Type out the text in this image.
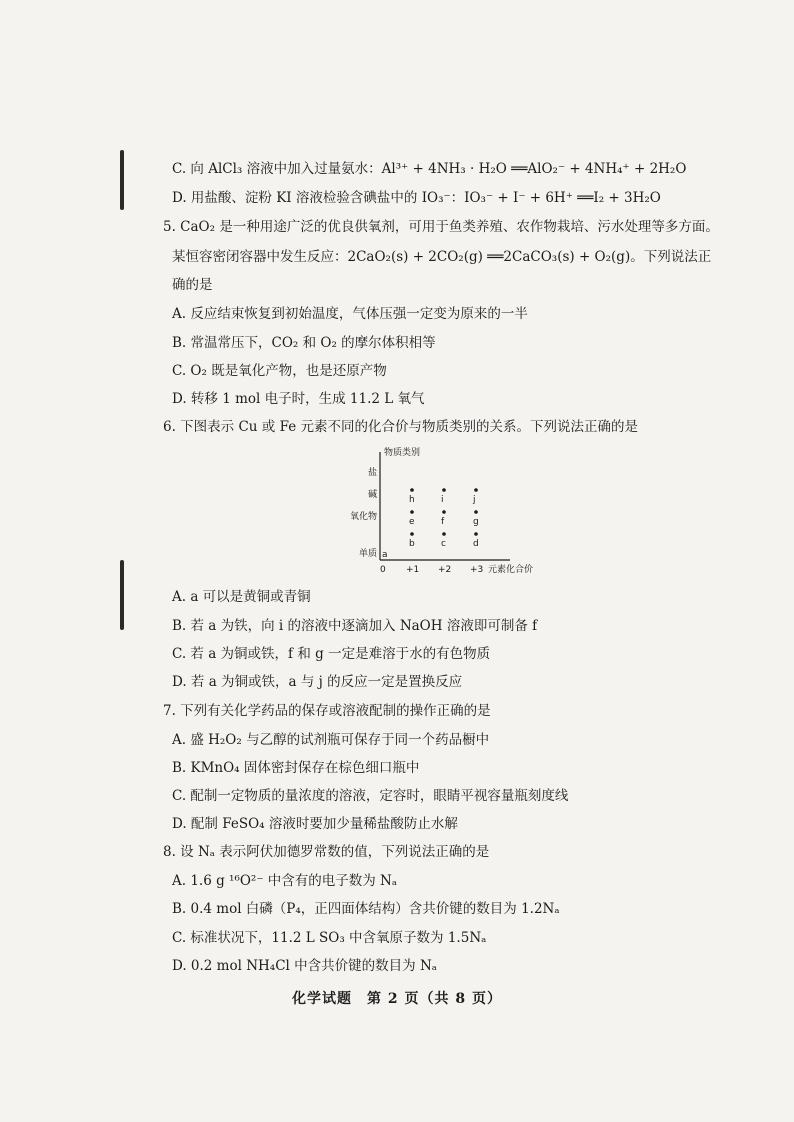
C. 向 AlCl₃ 溶液中加入过量氨水：Al³⁺ + 4NH₃ · H₂O ══AlO₂⁻ + 4NH₄⁺ + 2H₂O
D. 用盐酸、淀粉 KI 溶液检验含碘盐中的 IO₃⁻：IO₃⁻ + I⁻ + 6H⁺ ══I₂ + 3H₂O
5. CaO₂ 是一种用途广泛的优良供氧剂，可用于鱼类养殖、农作物栽培、污水处理等多方面。
某恒容密闭容器中发生反应：2CaO₂(s) + 2CO₂(g) ══2CaCO₃(s) + O₂(g)。下列说法正
确的是
A. 反应结束恢复到初始温度，气体压强一定变为原来的一半
B. 常温常压下，CO₂ 和 O₂ 的摩尔体积相等
C. O₂ 既是氧化产物，也是还原产物
D. 转移 1 mol 电子时，生成 11.2 L 氧气
6. 下图表示 Cu 或 Fe 元素不同的化合价与物质类别的关系。下列说法正确的是
物质类别
元素化合价
0 +1 +2 +3
单质
氧化物
碱
盐
a
b	c	d
e	f	g
h	i	j
A. a 可以是黄铜或青铜
B. 若 a 为铁，向 i 的溶液中逐滴加入 NaOH 溶液即可制备 f
C. 若 a 为铜或铁，f 和 g 一定是难溶于水的有色物质
D. 若 a 为铜或铁，a 与 j 的反应一定是置换反应
7. 下列有关化学药品的保存或溶液配制的操作正确的是
A. 盛 H₂O₂ 与乙醇的试剂瓶可保存于同一个药品橱中
B. KMnO₄ 固体密封保存在棕色细口瓶中
C. 配制一定物质的量浓度的溶液，定容时，眼睛平视容量瓶刻度线
D. 配制 FeSO₄ 溶液时要加少量稀盐酸防止水解
8. 设 Nₐ 表示阿伏加德罗常数的值，下列说法正确的是
A. 1.6 g ¹⁶O²⁻ 中含有的电子数为 Nₐ
B. 0.4 mol 白磷（P₄，正四面体结构）含共价键的数目为 1.2Nₐ
C. 标准状况下，11.2 L SO₃ 中含氧原子数为 1.5Nₐ
D. 0.2 mol NH₄Cl 中含共价键的数目为 Nₐ
化学试题　第 2 页（共 8 页）
